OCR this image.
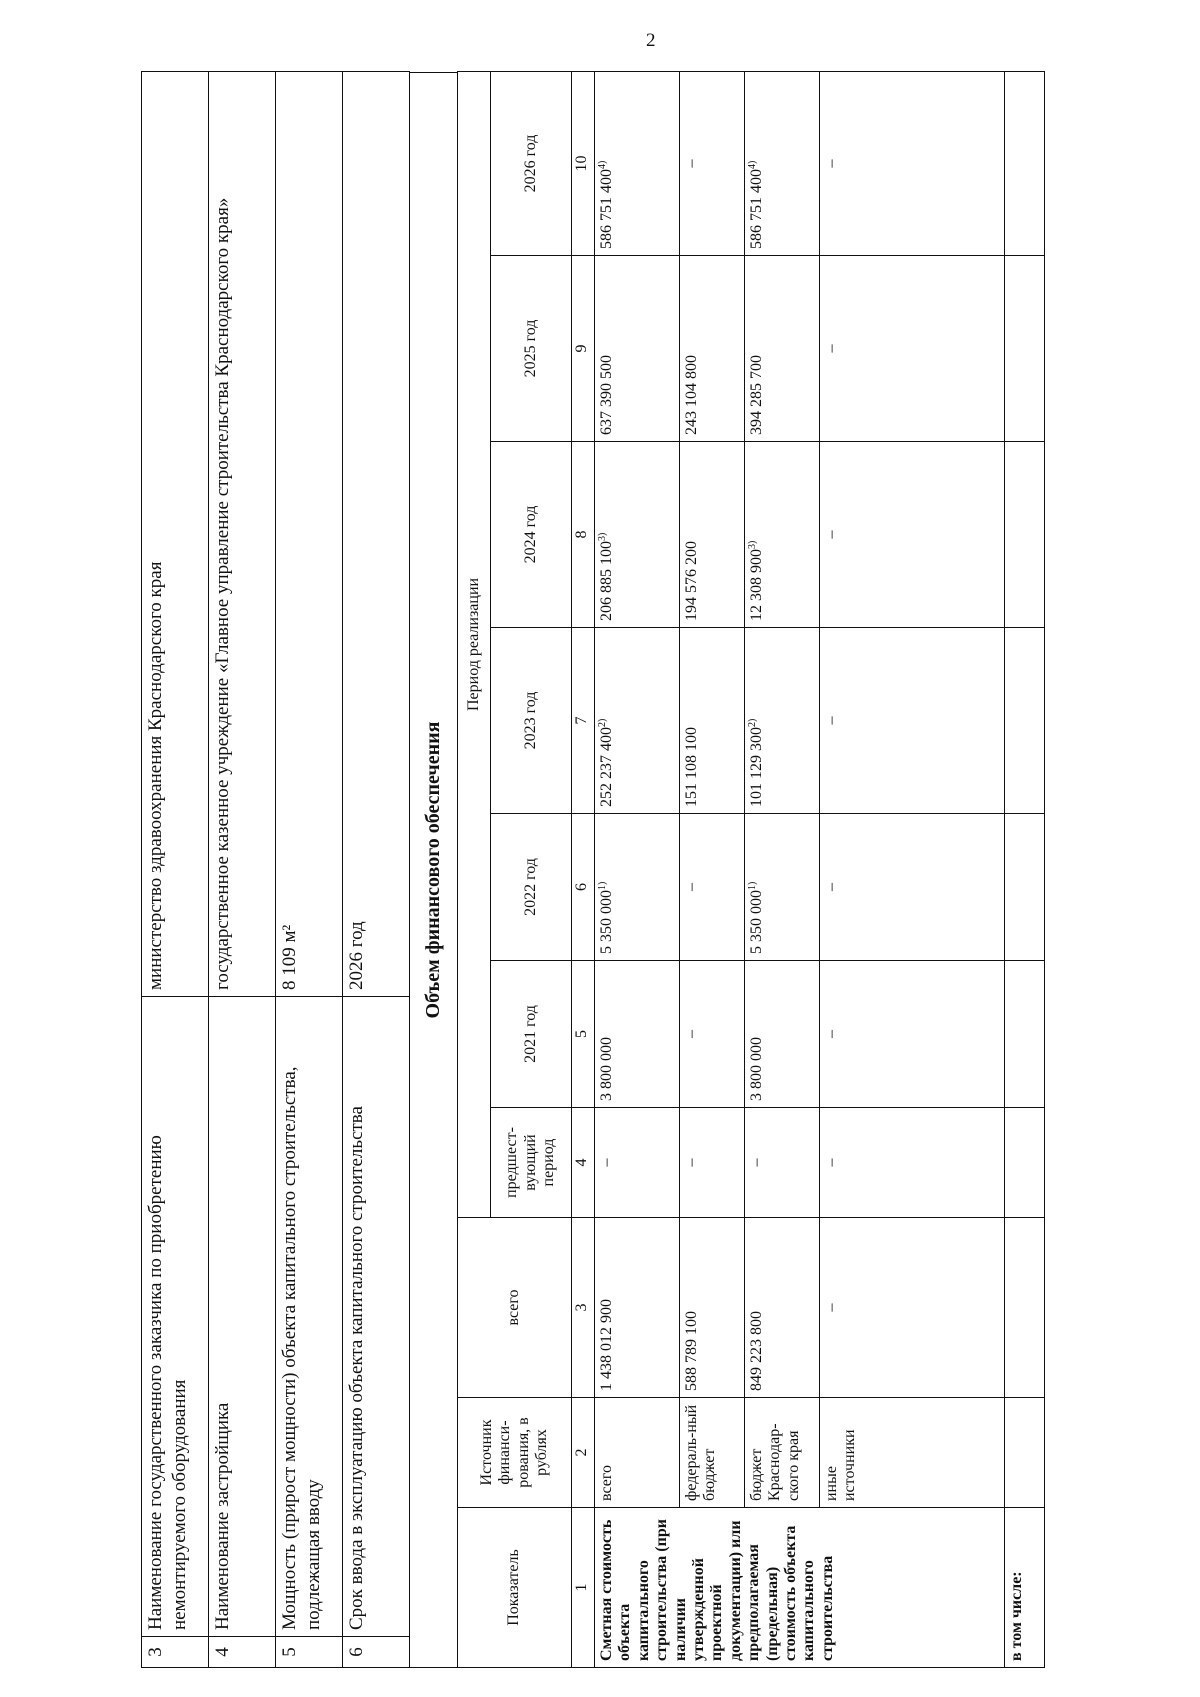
2
3	Наименование государственного заказчика по приобретению немонтируемого оборудования	министерство здравоохранения Краснодарского края
4	Наименование застройщика	государственное казенное учреждение «Главное управление строительства Краснодарского края»
5	Мощность (прирост мощности) объекта капитального строительства, подлежащая вводу	8 109 м²
6	Срок ввода в эксплуатацию объекта капитального строительства	2026 год	Объем финансового обеспечения
Показатель	Источник финанси-рования, в рублях	всего	Период реализации						
			предшест-вующий период	2021 год	2022 год	2023 год	2024 год	2025 год	2026 год
1	2	3	4	5	6	7	8	9	10
Сметная стоимость объекта капитального строительства (при наличии утвержденной проектной документации) или предполагаемая (предельная) стоимость объекта капитального строительства	всего	1 438 012 900	–	3 800 000	5 350 000$^{1)}$	252 237 400$^{2)}$	206 885 100$^{3)}$	637 390 500	586 751 400$^{4)}$
	федераль-ный бюджет	588 789 100	–	–	–	151 108 100	194 576 200	243 104 800	–
	бюджет Краснодар-ского края	849 223 800	–	3 800 000	5 350 000$^{1)}$	101 129 300$^{2)}$	12 308 900$^{3)}$	394 285 700	586 751 400$^{4)}$
	иные источники	–	–	–	–	–	–	–	–
в том числе:									
